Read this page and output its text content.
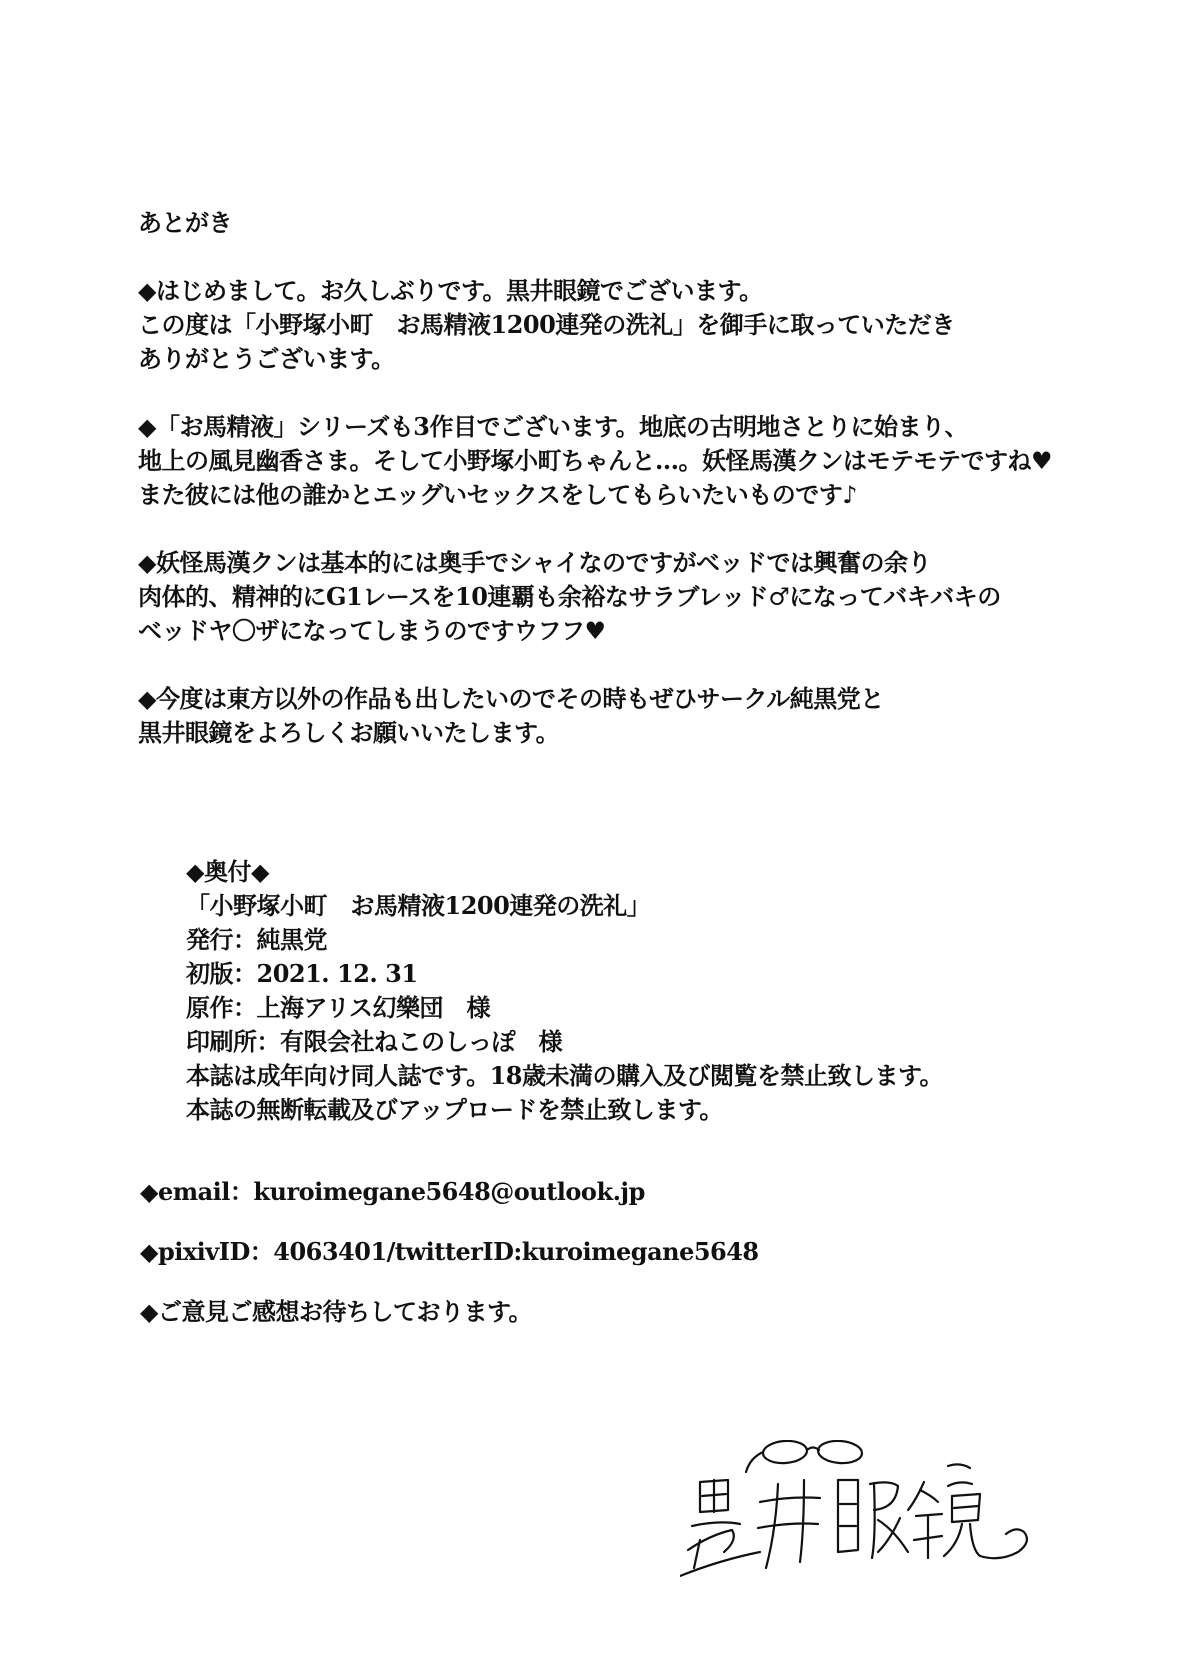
あとがき
◆はじめまして。お久しぶりです。黒井眼鏡でございます。
この度は「小野塚小町　お馬精液1200連発の洗礼」を御手に取っていただき
ありがとうございます。
◆「お馬精液」シリーズも3作目でございます。地底の古明地さとりに始まり、
地上の風見幽香さま。そして小野塚小町ちゃんと…。妖怪馬漢クンはモテモテですね♥
また彼には他の誰かとエッグいセックスをしてもらいたいものです♪
◆妖怪馬漢クンは基本的には奥手でシャイなのですがベッドでは興奮の余り
肉体的、精神的にG1レースを10連覇も余裕なサラブレッド♂になってバキバキの
ベッドヤ〇ザになってしまうのですウフフ♥
◆今度は東方以外の作品も出したいのでその時もぜひサークル純黒党と
黒井眼鏡をよろしくお願いいたします。
◆奥付◆
「小野塚小町　お馬精液1200連発の洗礼」
発行：純黒党
初版：2021. 12. 31
原作：上海アリス幻樂団　様
印刷所：有限会社ねこのしっぽ　様
本誌は成年向け同人誌です。18歳未満の購入及び閲覧を禁止致します。
本誌の無断転載及びアップロードを禁止致します。
◆email：kuroimegane5648@outlook.jp
◆pixivID：4063401/twitterID:kuroimegane5648
◆ご意見ご感想お待ちしております。
